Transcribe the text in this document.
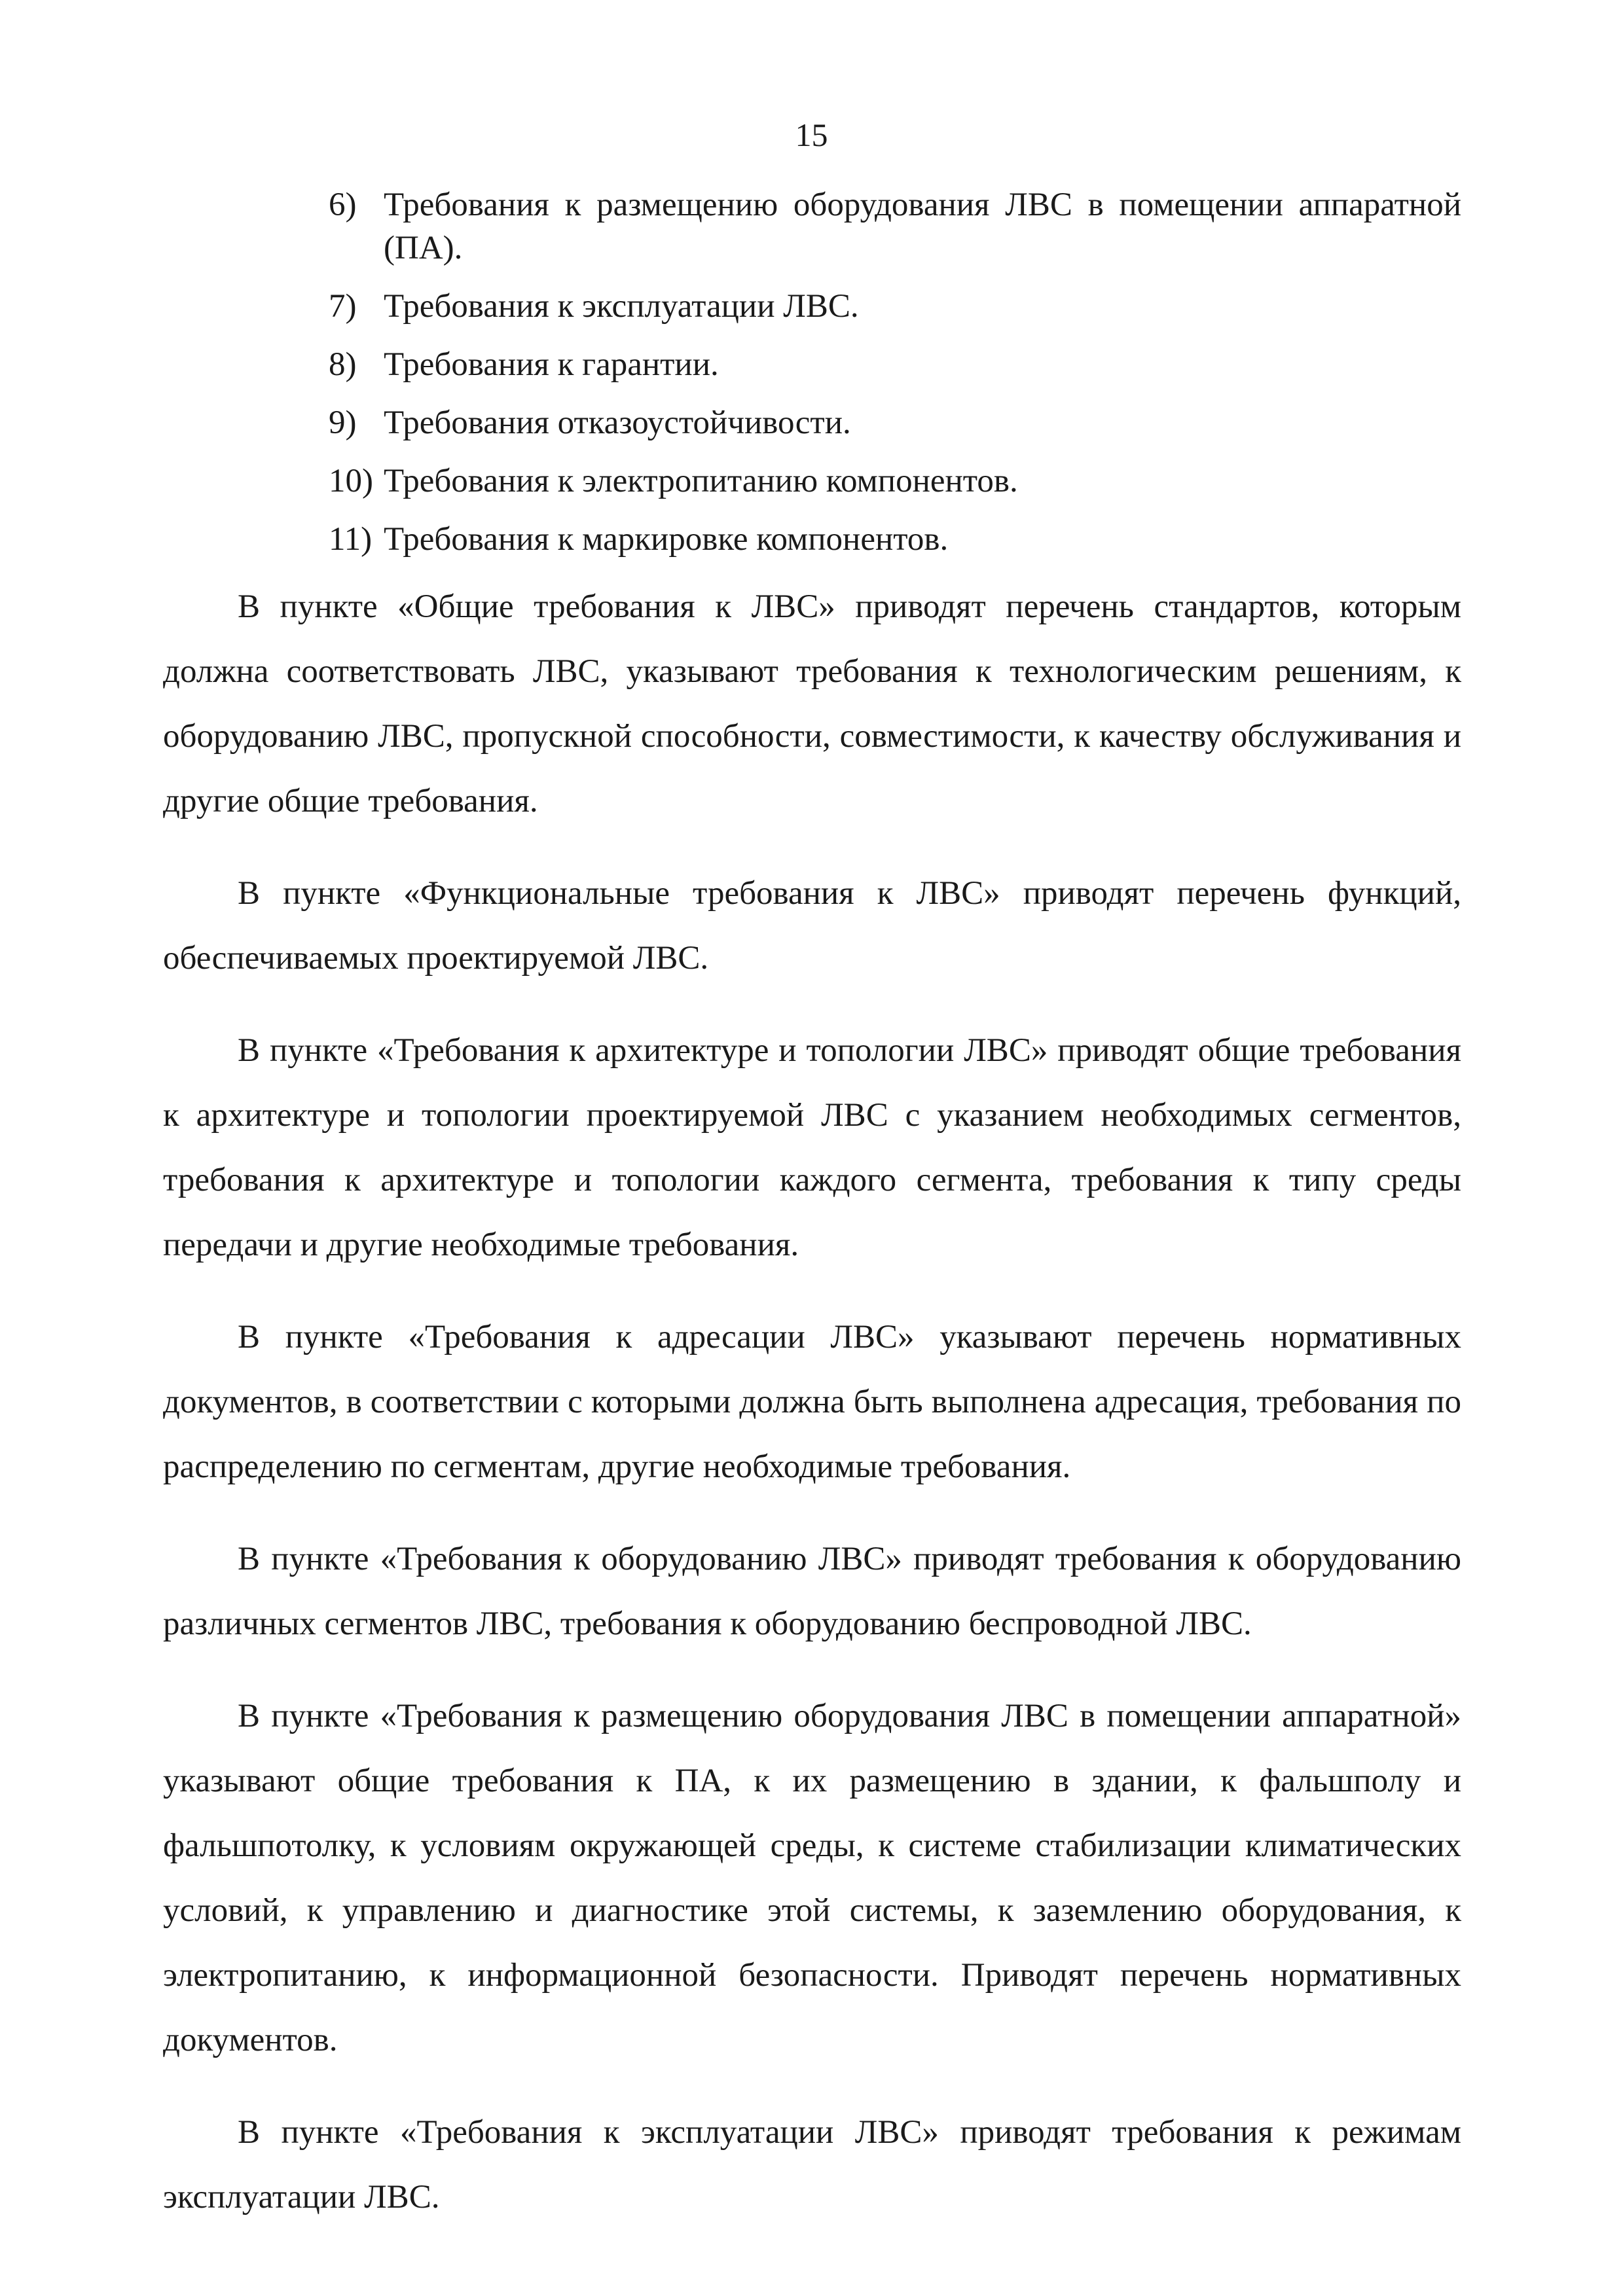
15
6) Требования к размещению оборудования ЛВС в помещении аппаратной (ПА).
7) Требования к эксплуатации ЛВС.
8) Требования к гарантии.
9) Требования отказоустойчивости.
10) Требования к электропитанию компонентов.
11) Требования к маркировке компонентов.

В пункте «Общие требования к ЛВС» приводят перечень стандартов, которым должна соответствовать ЛВС, указывают требования к технологическим решениям, к оборудованию ЛВС, пропускной способности, совместимости, к качеству обслуживания и другие общие требования.

В пункте «Функциональные требования к ЛВС» приводят перечень функций, обеспечиваемых проектируемой ЛВС.

В пункте «Требования к архитектуре и топологии ЛВС» приводят общие требования к архитектуре и топологии проектируемой ЛВС с указанием необходимых сегментов, требования к архитектуре и топологии каждого сегмента, требования к типу среды передачи и другие необходимые требования.

В пункте «Требования к адресации ЛВС» указывают перечень нормативных документов, в соответствии с которыми должна быть выполнена адресация, требования по распределению по сегментам, другие необходимые требования.

В пункте «Требования к оборудованию ЛВС» приводят требования к оборудованию различных сегментов ЛВС, требования к оборудованию беспроводной ЛВС.

В пункте «Требования к размещению оборудования ЛВС в помещении аппаратной» указывают общие требования к ПА, к их размещению в здании, к фальшполу и фальшпотолку, к условиям окружающей среды, к системе стабилизации климатических условий, к управлению и диагностике этой системы, к заземлению оборудования, к электропитанию, к информационной безопасности. Приводят перечень нормативных документов.

В пункте «Требования к эксплуатации ЛВС» приводят требования к режимам эксплуатации ЛВС.
